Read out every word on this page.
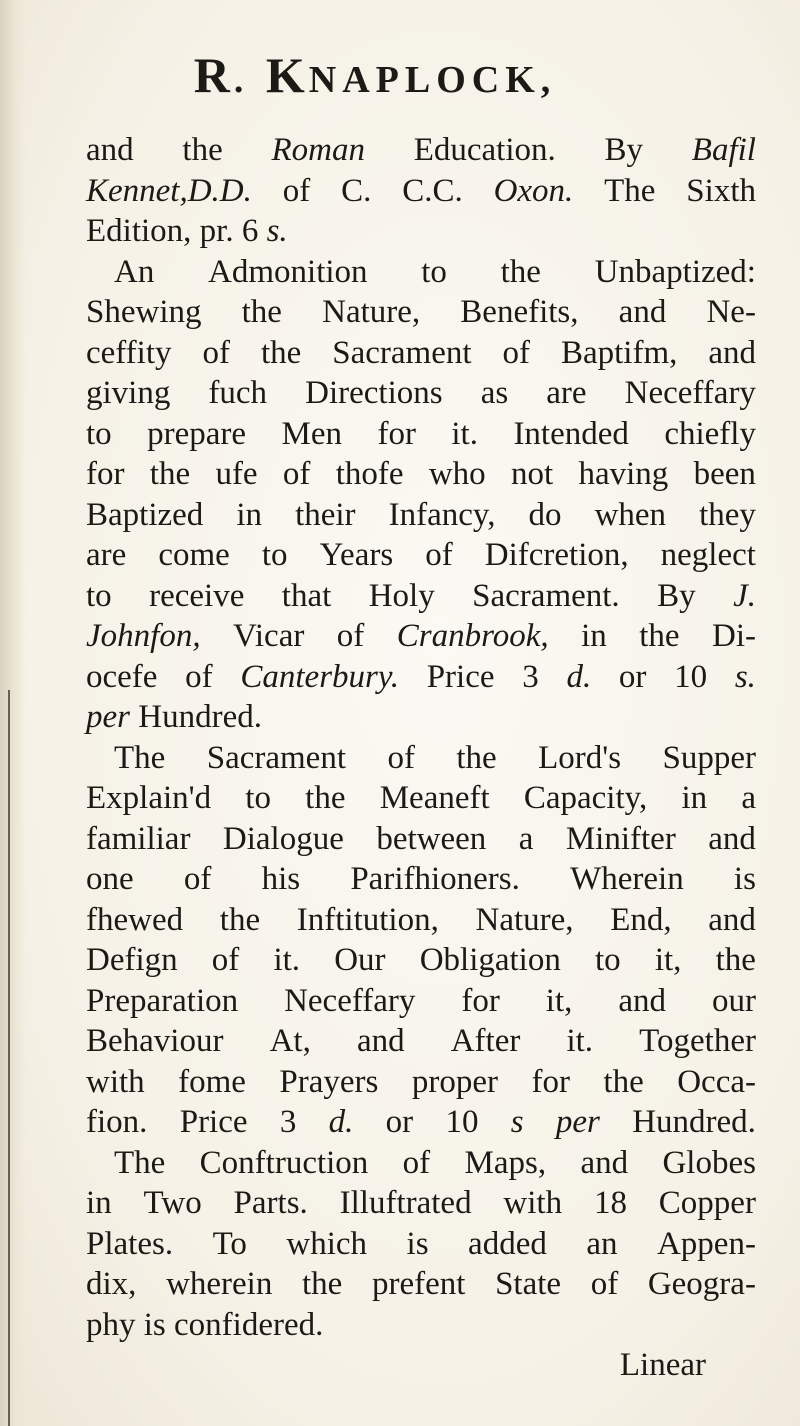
R. KNAPLOCK,
and the Roman Education. By Bafil
Kennet,D.D. of C. C.C. Oxon. The Sixth
Edition,
pr.
6
s.
An Admonition to the Unbaptized:
Shewing the Nature, Benefits, and Ne-
ceffity of the Sacrament of Baptifm, and
giving fuch Directions as are Neceffary
to prepare Men for it. Intended chiefly
for the ufe of thofe who not having been
Baptized in their Infancy, do when they
are come to Years of Difcretion, neglect
to receive that Holy Sacrament. By J.
Johnfon, Vicar of Cranbrook, in the Di-
ocefe of Canterbury. Price 3 d. or 10 s.
per
Hundred.
The Sacrament of the Lord's Supper
Explain'd to the Meaneft Capacity, in a
familiar Dialogue between a Minifter and
one of his Parifhioners. Wherein is
fhewed the Inftitution, Nature, End, and
Defign of it. Our Obligation to it, the
Preparation Neceffary for it, and our
Behaviour At, and After it. Together
with fome Prayers proper for the Occa-
fion. Price 3 d. or 10 s per Hundred.
The Conftruction of Maps, and Globes
in Two Parts. Illuftrated with 18 Copper
Plates. To which is added an Appen-
dix, wherein the prefent State of Geogra-
phy
is
confidered.
Linear
